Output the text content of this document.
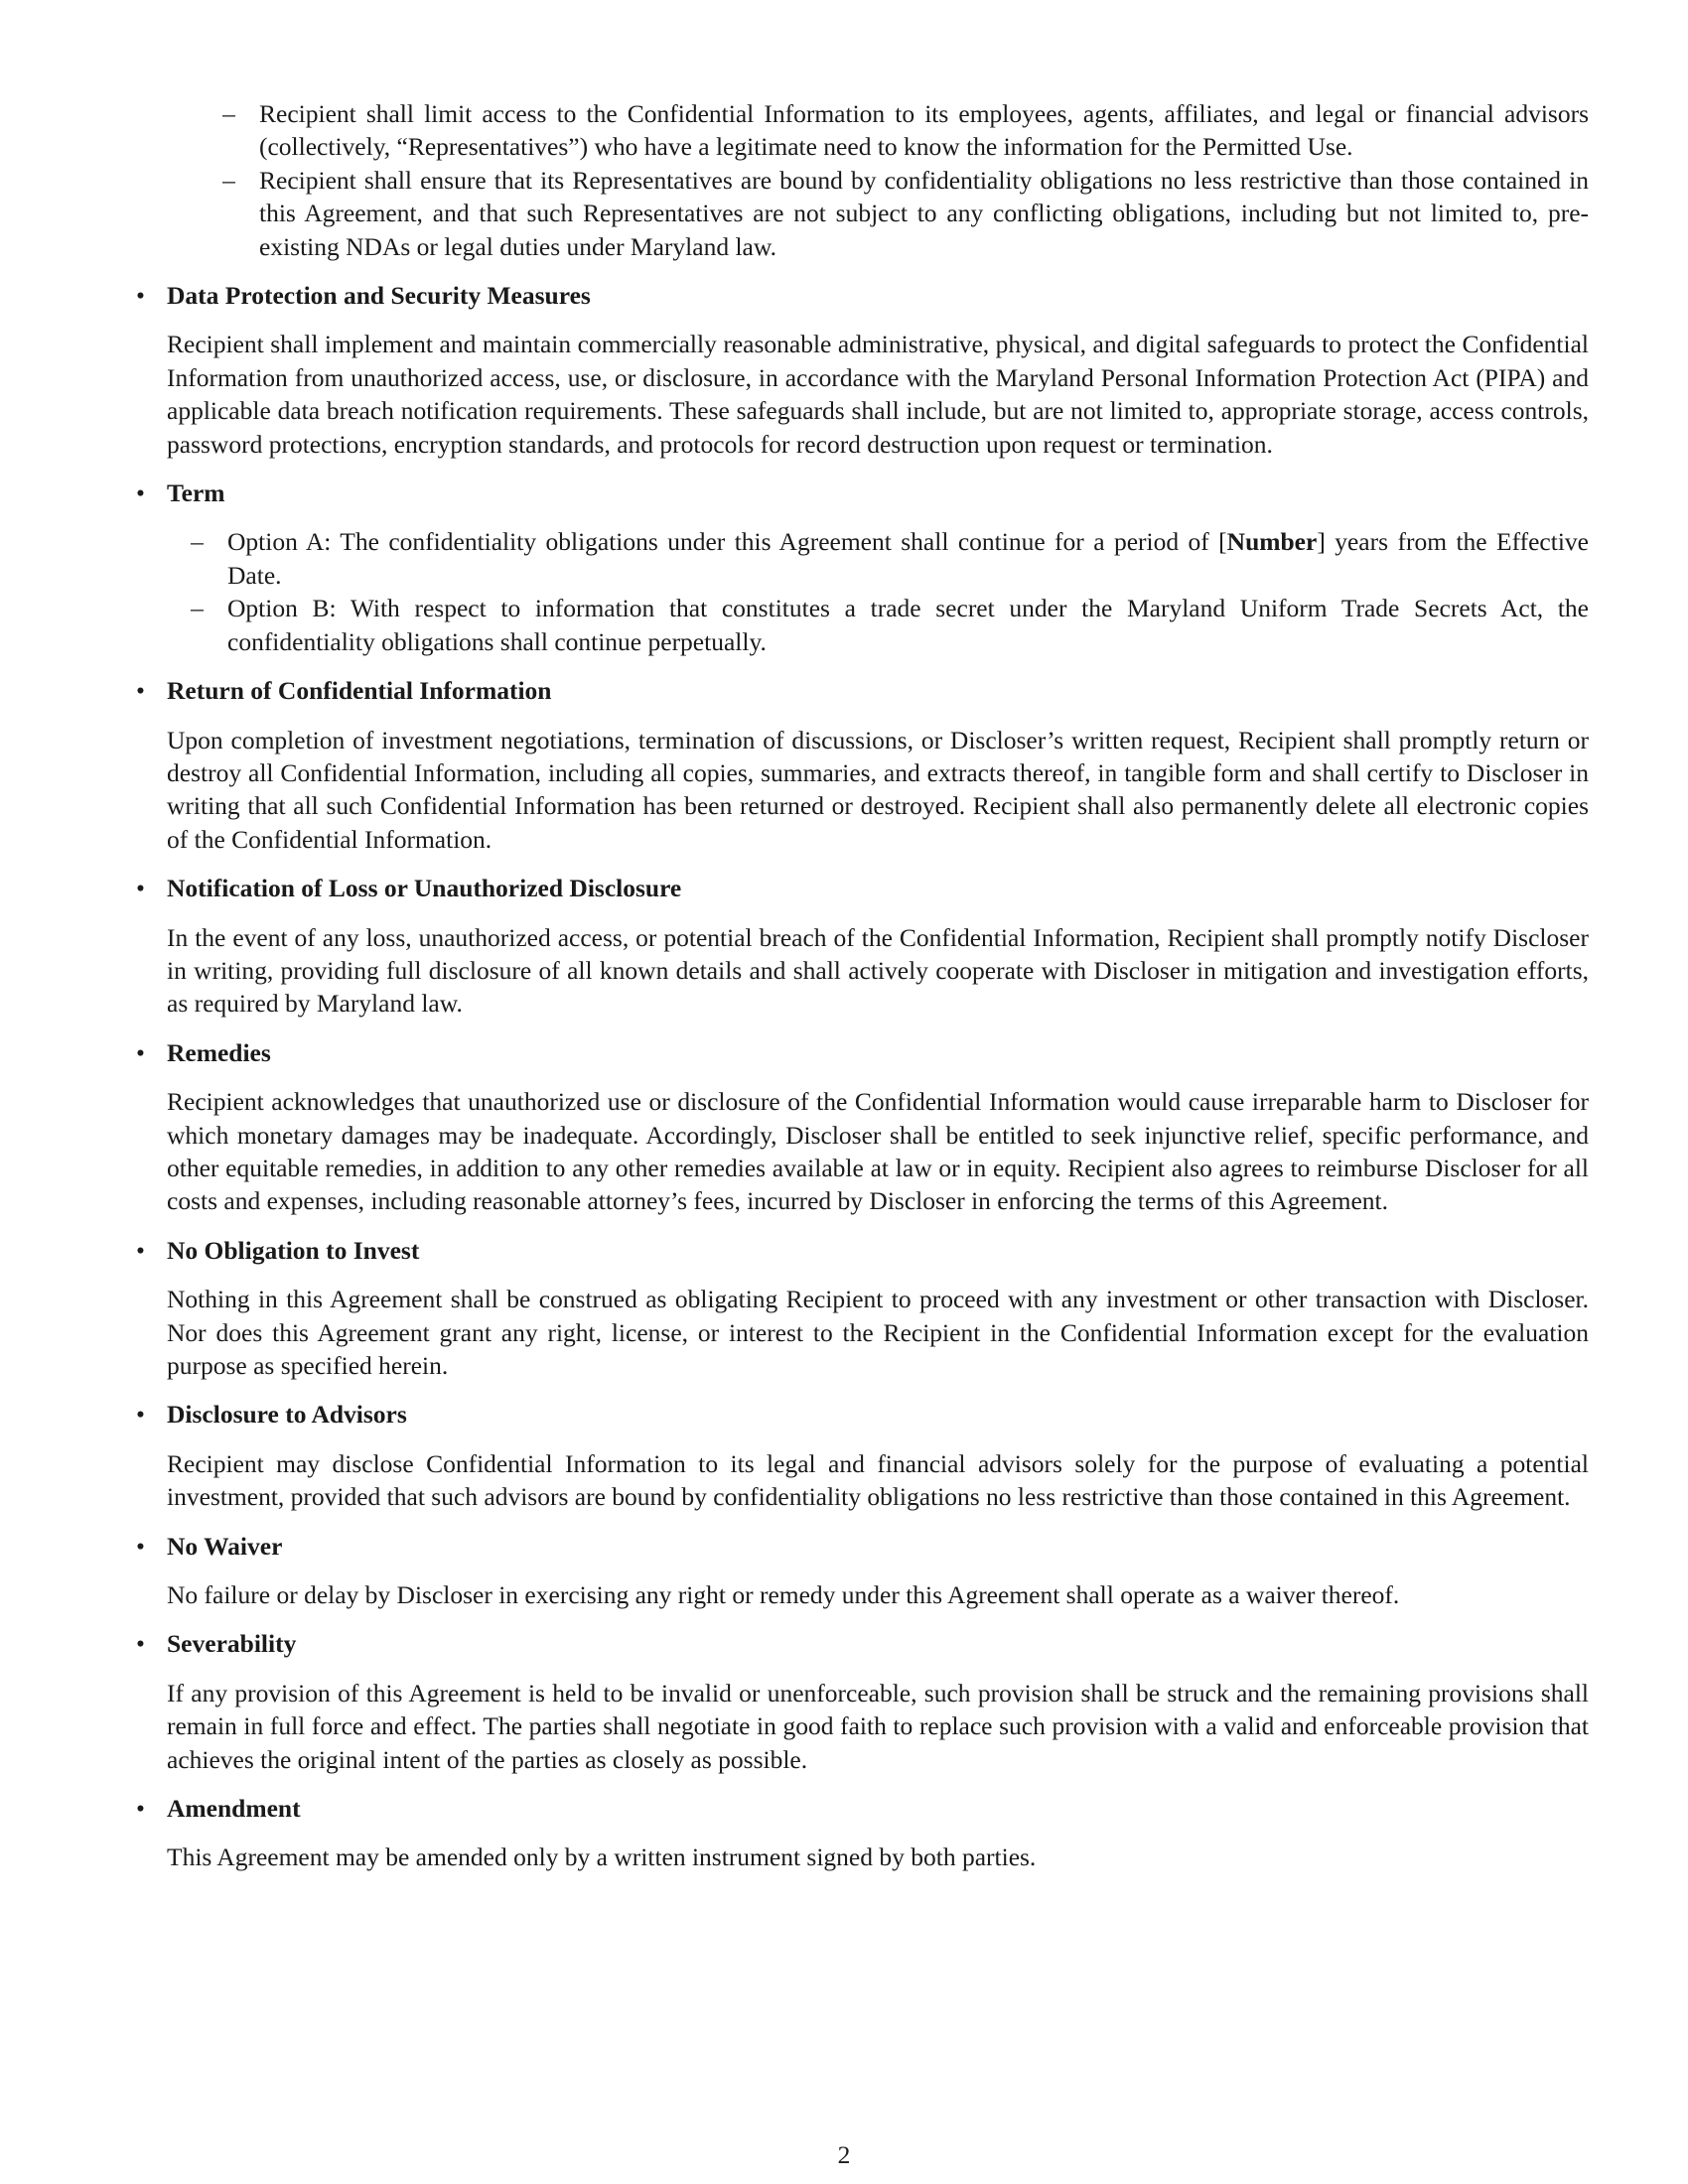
– Recipient shall limit access to the Confidential Information to its employees, agents, affiliates, and legal or financial advisors (collectively, “Representatives”) who have a legitimate need to know the information for the Permitted Use.

– Recipient shall ensure that its Representatives are bound by confidentiality obligations no less restrictive than those contained in this Agreement, and that such Representatives are not subject to any conflicting obligations, including but not limited to, pre-existing NDAs or legal duties under Maryland law.

• Data Protection and Security Measures

Recipient shall implement and maintain commercially reasonable administrative, physical, and digital safeguards to protect the Confidential Information from unauthorized access, use, or disclosure, in accordance with the Maryland Personal Information Protection Act (PIPA) and applicable data breach notification requirements. These safeguards shall include, but are not limited to, appropriate storage, access controls, password protections, encryption standards, and protocols for record destruction upon request or termination.

• Term

– Option A: The confidentiality obligations under this Agreement shall continue for a period of [Number] years from the Effective Date.

– Option B: With respect to information that constitutes a trade secret under the Maryland Uniform Trade Secrets Act, the confidentiality obligations shall continue perpetually.

• Return of Confidential Information

Upon completion of investment negotiations, termination of discussions, or Discloser’s written request, Recipient shall promptly return or destroy all Confidential Information, including all copies, summaries, and extracts thereof, in tangible form and shall certify to Discloser in writing that all such Confidential Information has been returned or destroyed. Recipient shall also permanently delete all electronic copies of the Confidential Information.

• Notification of Loss or Unauthorized Disclosure

In the event of any loss, unauthorized access, or potential breach of the Confidential Information, Recipient shall promptly notify Discloser in writing, providing full disclosure of all known details and shall actively cooperate with Discloser in mitigation and investigation efforts, as required by Maryland law.

• Remedies

Recipient acknowledges that unauthorized use or disclosure of the Confidential Information would cause irreparable harm to Discloser for which monetary damages may be inadequate. Accordingly, Discloser shall be entitled to seek injunctive relief, specific performance, and other equitable remedies, in addition to any other remedies available at law or in equity. Recipient also agrees to reimburse Discloser for all costs and expenses, including reasonable attorney’s fees, incurred by Discloser in enforcing the terms of this Agreement.

• No Obligation to Invest

Nothing in this Agreement shall be construed as obligating Recipient to proceed with any investment or other transaction with Discloser. Nor does this Agreement grant any right, license, or interest to the Recipient in the Confidential Information except for the evaluation purpose as specified herein.

• Disclosure to Advisors

Recipient may disclose Confidential Information to its legal and financial advisors solely for the purpose of evaluating a potential investment, provided that such advisors are bound by confidentiality obligations no less restrictive than those contained in this Agreement.

• No Waiver

No failure or delay by Discloser in exercising any right or remedy under this Agreement shall operate as a waiver thereof.

• Severability

If any provision of this Agreement is held to be invalid or unenforceable, such provision shall be struck and the remaining provisions shall remain in full force and effect. The parties shall negotiate in good faith to replace such provision with a valid and enforceable provision that achieves the original intent of the parties as closely as possible.

• Amendment

This Agreement may be amended only by a written instrument signed by both parties.

2
